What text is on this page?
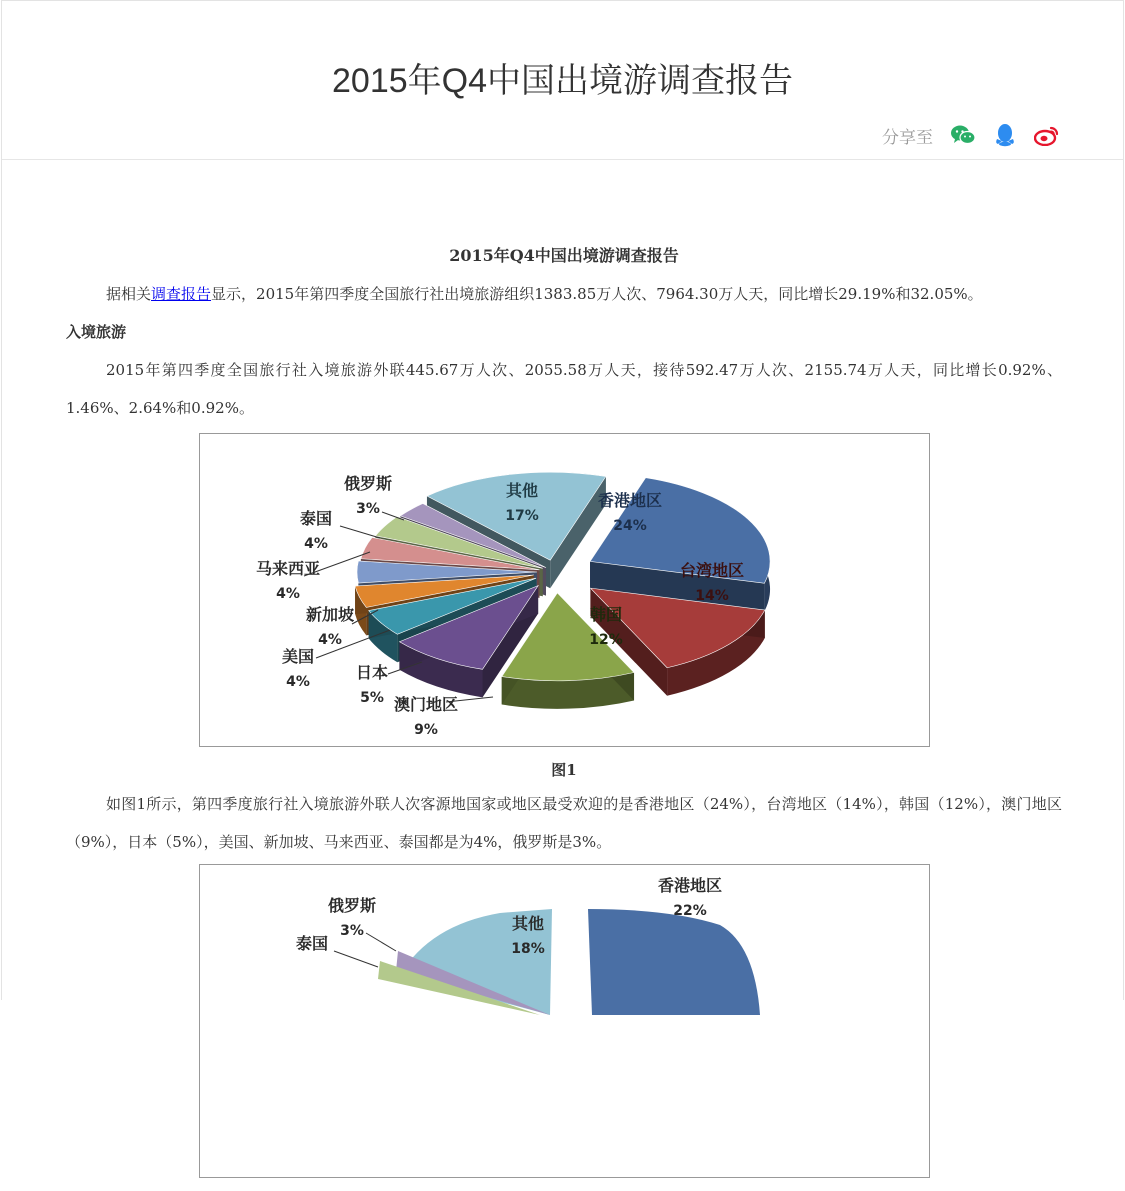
2015年Q4中国出境游调查报告
分享至

2015年Q4中国出境游调查报告

据相关调查报告显示，2015年第四季度全国旅行社出境旅游组织1383.85万人次、7964.30万人天，同比增长29.19%和32.05%。

入境旅游

2015年第四季度全国旅行社入境旅游外联445.67万人次、2055.58万人天，接待592.47万人次、2155.74万人天，同比增长0.92%、1.46%、2.64%和0.92%。

香港地区
24%
台湾地区
14%
韩国
12%
澳门地区
9%
日本
5%
美国
4%
新加坡
4%
马来西亚
4%
泰国
4%
俄罗斯
3%
其他
17%

图1

如图1所示，第四季度旅行社入境旅游外联人次客源地国家或地区最受欢迎的是香港地区（24%），台湾地区（14%），韩国（12%），澳门地区（9%），日本（5%），美国、新加坡、马来西亚、泰国都是为4%，俄罗斯是3%。

香港地区
22%
俄罗斯
3%
泰国
其他
18%
